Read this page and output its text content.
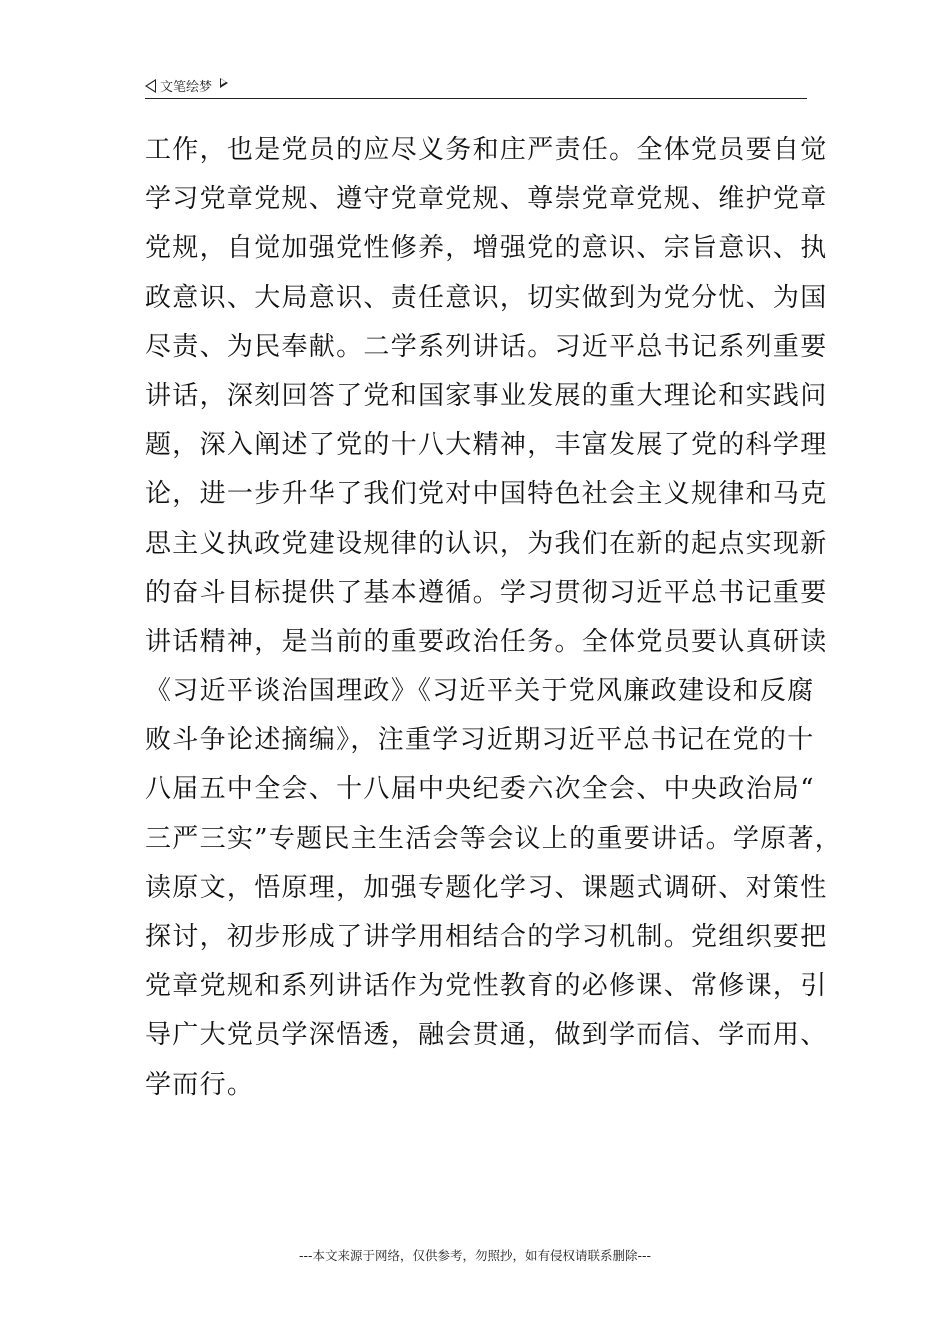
文笔绘梦
工作，也是党员的应尽义务和庄严责任。全体党员要自觉
学习党章党规、遵守党章党规、尊崇党章党规、维护党章
党规，自觉加强党性修养，增强党的意识、宗旨意识、执
政意识、大局意识、责任意识，切实做到为党分忧、为国
尽责、为民奉献。二学系列讲话。习近平总书记系列重要
讲话，深刻回答了党和国家事业发展的重大理论和实践问
题，深入阐述了党的十八大精神，丰富发展了党的科学理
论，进一步升华了我们党对中国特色社会主义规律和马克
思主义执政党建设规律的认识，为我们在新的起点实现新
的奋斗目标提供了基本遵循。学习贯彻习近平总书记重要
讲话精神，是当前的重要政治任务。全体党员要认真研读
《习近平谈治国理政》《习近平关于党风廉政建设和反腐
败斗争论述摘编》，注重学习近期习近平总书记在党的十
八届五中全会、十八届中央纪委六次全会、中央政治局“
三严三实”专题民主生活会等会议上的重要讲话。学原著，
读原文，悟原理，加强专题化学习、课题式调研、对策性
探讨，初步形成了讲学用相结合的学习机制。党组织要把
党章党规和系列讲话作为党性教育的必修课、常修课，引
导广大党员学深悟透，融会贯通，做到学而信、学而用、
学而行。
---本文来源于网络，仅供参考，勿照抄，如有侵权请联系删除---
